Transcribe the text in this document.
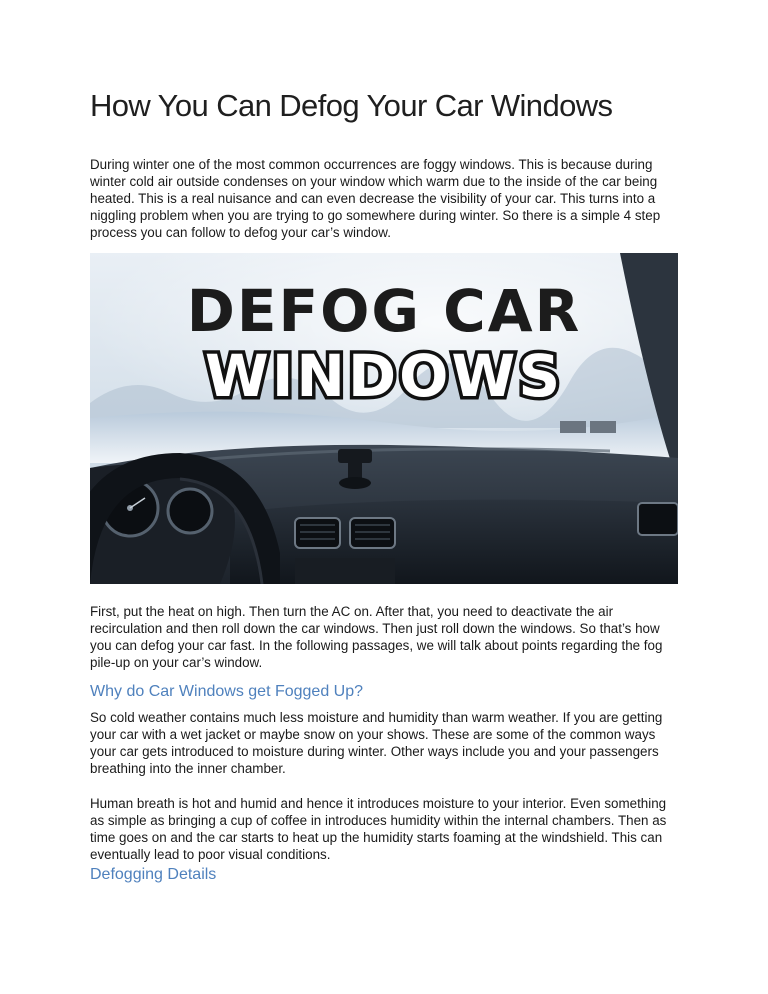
How You Can Defog Your Car Windows

During winter one of the most common occurrences are foggy windows. This is because during winter cold air outside condenses on your window which warm due to the inside of the car being heated. This is a real nuisance and can even decrease the visibility of your car. This turns into a niggling problem when you are trying to go somewhere during winter. So there is a simple 4 step process you can follow to defog your car’s window.

DEFOG CAR
WINDOWS

First, put the heat on high. Then turn the AC on. After that, you need to deactivate the air recirculation and then roll down the car windows. Then just roll down the windows. So that’s how you can defog your car fast. In the following passages, we will talk about points regarding the fog pile-up on your car’s window.

Why do Car Windows get Fogged Up?

So cold weather contains much less moisture and humidity than warm weather. If you are getting your car with a wet jacket or maybe snow on your shows. These are some of the common ways your car gets introduced to moisture during winter. Other ways include you and your passengers breathing into the inner chamber.

Human breath is hot and humid and hence it introduces moisture to your interior. Even something as simple as bringing a cup of coffee in introduces humidity within the internal chambers. Then as time goes on and the car starts to heat up the humidity starts foaming at the windshield. This can eventually lead to poor visual conditions.

Defogging Details
